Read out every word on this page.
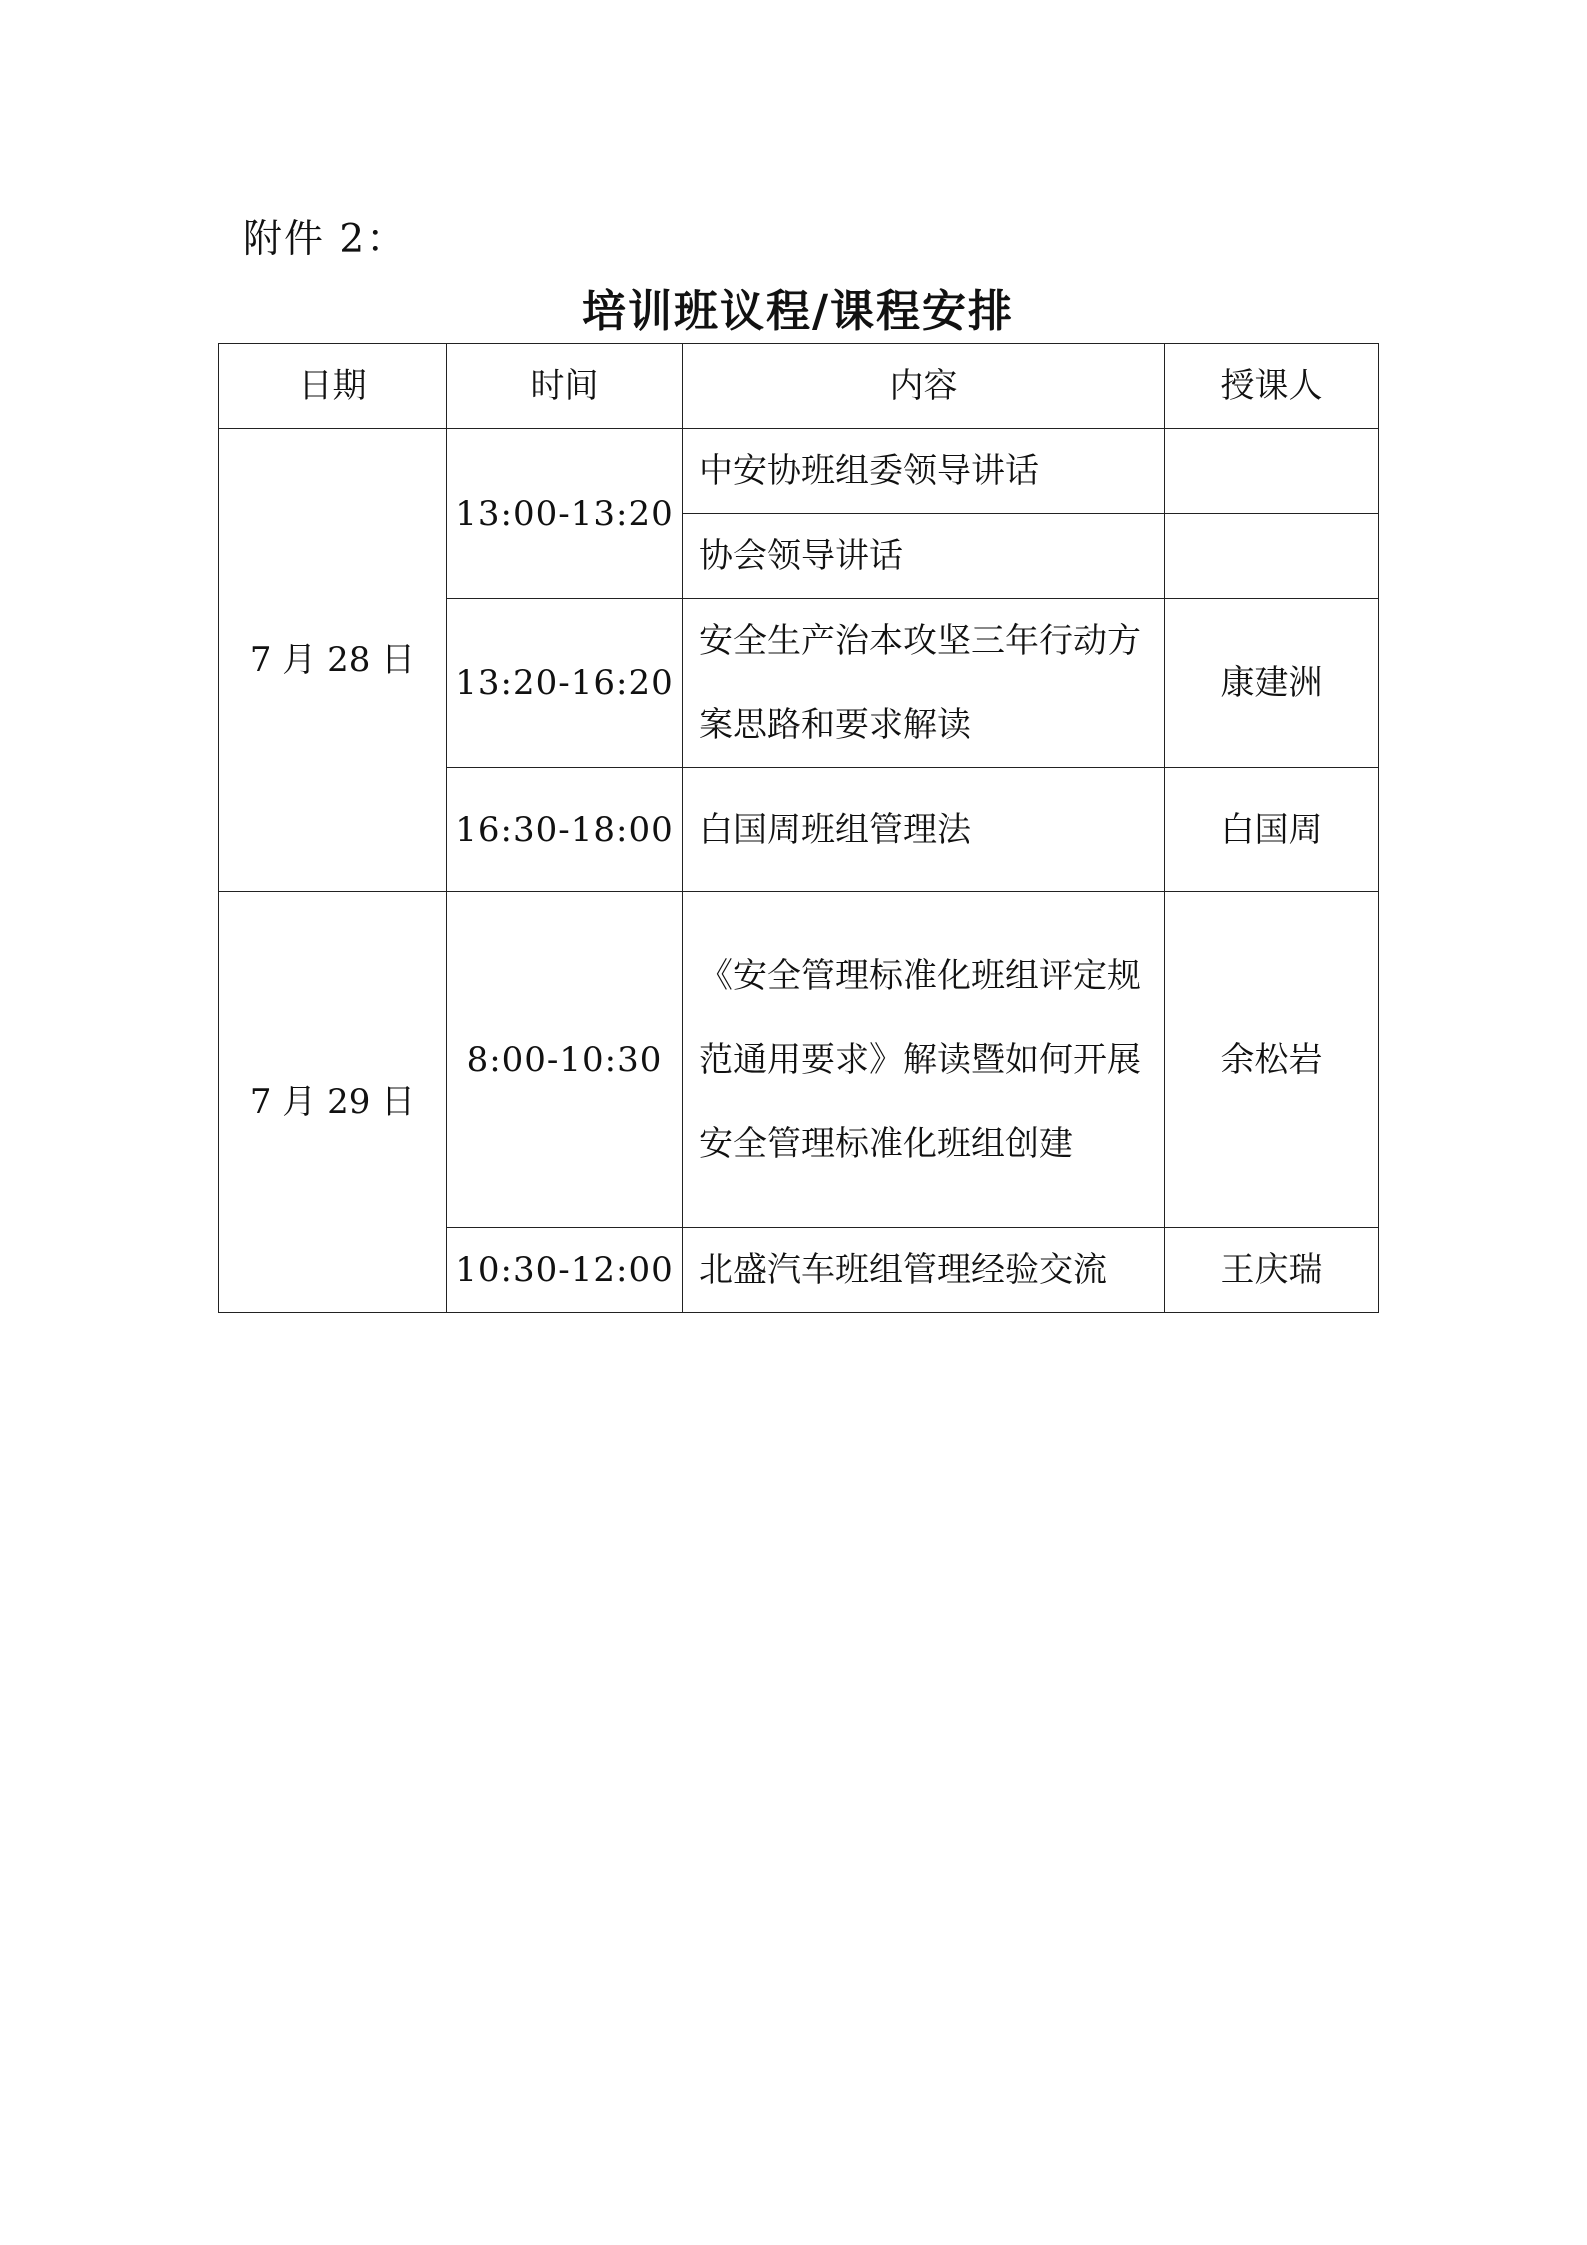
附件 2：
培训班议程/课程安排
日期	时间	内容	授课人
7 月 28 日	13:00-13:20	中安协班组委领导讲话	
		协会领导讲话	
	13:20-16:20	安全生产治本攻坚三年行动方案思路和要求解读	康建洲
	16:30-18:00	白国周班组管理法	白国周

7 月 29 日	8:00-10:30	《安全管理标准化班组评定规范通用要求》解读暨如何开展安全管理标准化班组创建	余松岩
	10:30-12:00	北盛汽车班组管理经验交流	王庆瑞
